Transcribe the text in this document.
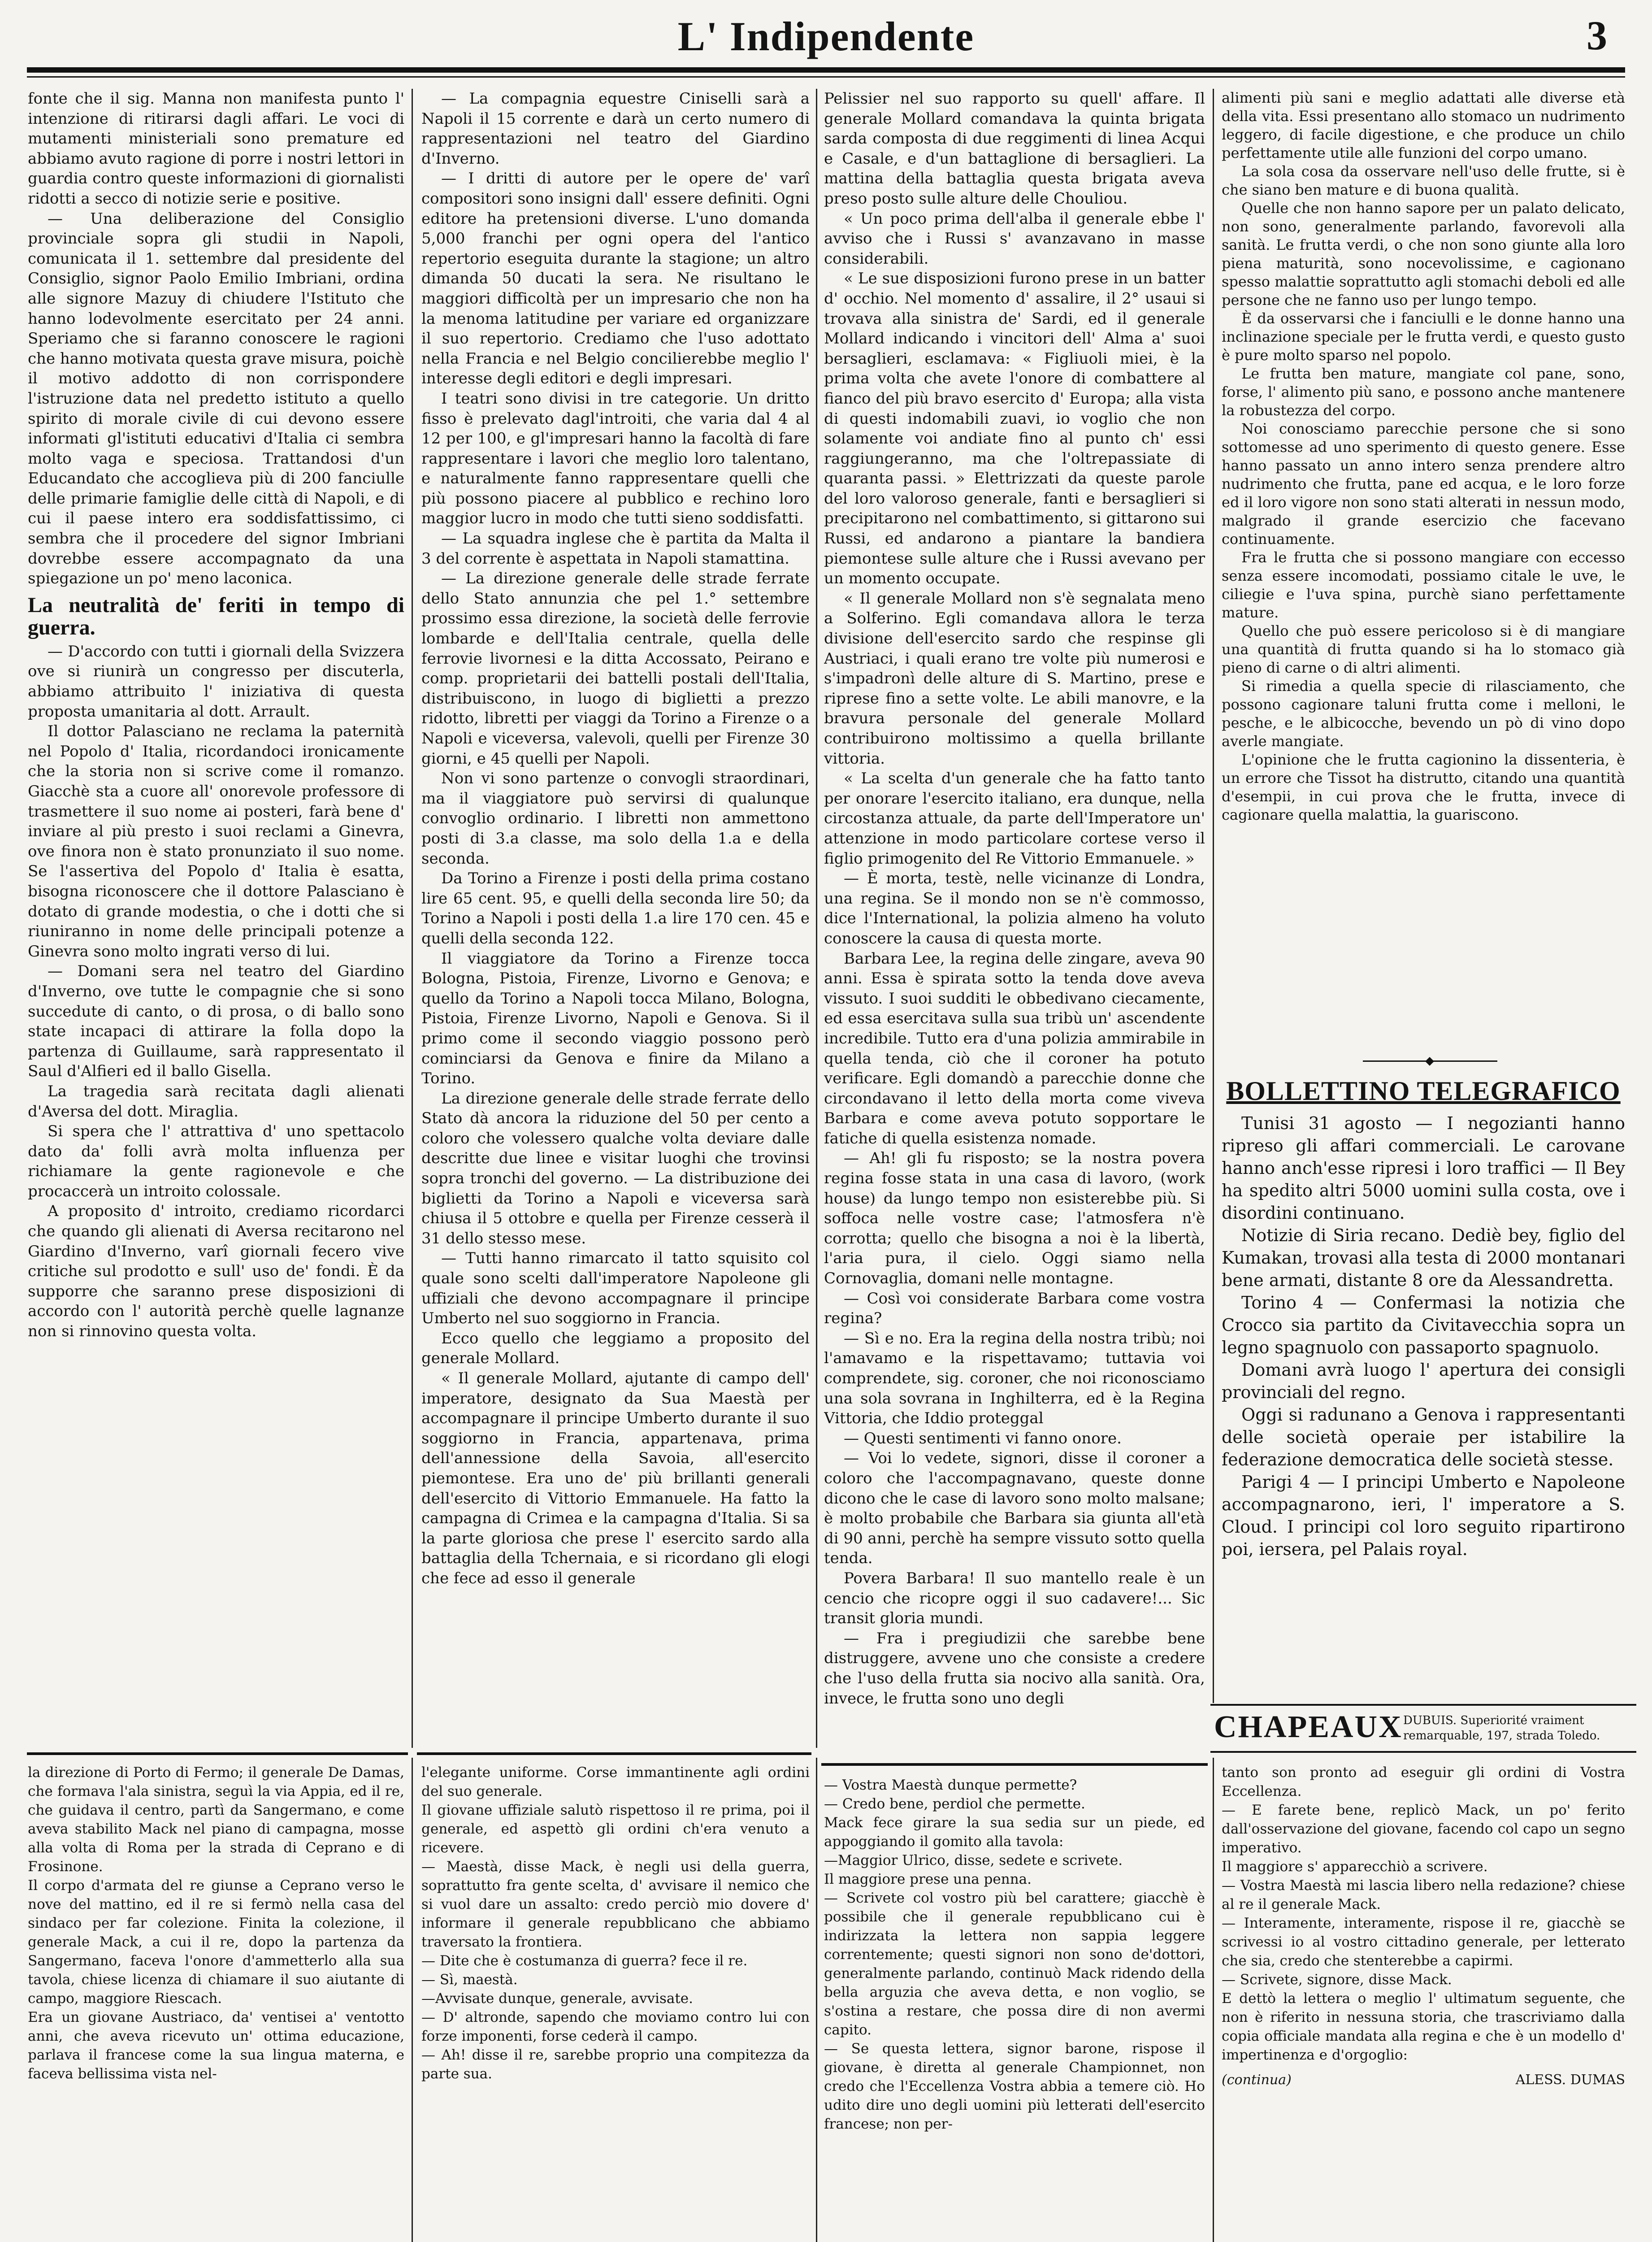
L' Indipendente	3

fonte che il sig. Manna non manifesta punto l' intenzione di ritirarsi dagli affari. Le voci di mutamenti ministeriali sono premature ed abbiamo avuto ragione di porre i nostri lettori in guardia contro queste informazioni di giornalisti ridotti a secco di notizie serie e positive.

— Una deliberazione del Consiglio provinciale sopra gli studii in Napoli, comunicata il 1. settembre dal presidente del Consiglio, signor Paolo Emilio Imbriani, ordina alle signore Mazuy di chiudere l'Istituto che hanno lodevolmente esercitato per 24 anni. Speriamo che si faranno conoscere le ragioni che hanno motivata questa grave misura, poichè il motivo addotto di non corrispondere l'istruzione data nel predetto istituto a quello spirito di morale civile di cui devono essere informati gl'istituti educativi d'Italia ci sembra molto vaga e speciosa. Trattandosi d'un Educandato che accoglieva più di 200 fanciulle delle primarie famiglie delle città di Napoli, e di cui il paese intero era soddisfattissimo, ci sembra che il procedere del signor Imbriani dovrebbe essere accompagnato da una spiegazione un po' meno laconica.

La neutralità de' feriti in tempo di guerra.

— D'accordo con tutti i giornali della Svizzera ove si riunirà un congresso per discuterla, abbiamo attribuito l' iniziativa di questa proposta umanitaria al dott. Arrault.

Il dottor Palasciano ne reclama la paternità nel Popolo d' Italia, ricordandoci ironicamente che la storia non si scrive come il romanzo. Giacchè sta a cuore all' onorevole professore di trasmettere il suo nome ai posteri, farà bene d' inviare al più presto i suoi reclami a Ginevra, ove finora non è stato pronunziato il suo nome. Se l'assertiva del Popolo d' Italia è esatta, bisogna riconoscere che il dottore Palasciano è dotato di grande modestia, o che i dotti che si riuniranno in nome delle principali potenze a Ginevra sono molto ingrati verso di lui.

— Domani sera nel teatro del Giardino d'Inverno, ove tutte le compagnie che si sono succedute di canto, o di prosa, o di ballo sono state incapaci di attirare la folla dopo la partenza di Guillaume, sarà rappresentato il Saul d'Alfieri ed il ballo Gisella.

La tragedia sarà recitata dagli alienati d'Aversa del dott. Miraglia.

Si spera che l' attrattiva d' uno spettacolo dato da' folli avrà molta influenza per richiamare la gente ragionevole e che procaccerà un introito colossale.

A proposito d' introito, crediamo ricordarci che quando gli alienati di Aversa recitarono nel Giardino d'Inverno, varî giornali fecero vive critiche sul prodotto e sull' uso de' fondi. È da supporre che saranno prese disposizioni di accordo con l' autorità perchè quelle lagnanze non si rinnovino questa volta.

— La compagnia equestre Ciniselli sarà a Napoli il 15 corrente e darà un certo numero di rappresentazioni nel teatro del Giardino d'Inverno.

— I dritti di autore per le opere de' varî compositori sono insigni dall' essere definiti. Ogni editore ha pretensioni diverse. L'uno domanda 5,000 franchi per ogni opera del l'antico repertorio eseguita durante la stagione; un altro dimanda 50 ducati la sera. Ne risultano le maggiori difficoltà per un impresario che non ha la menoma latitudine per variare ed organizzare il suo repertorio. Crediamo che l'uso adottato nella Francia e nel Belgio concilierebbe meglio l' interesse degli editori e degli impresari.

I teatri sono divisi in tre categorie. Un dritto fisso è prelevato dagl'introiti, che varia dal 4 al 12 per 100, e gl'impresari hanno la facoltà di fare rappresentare i lavori che meglio loro talentano, e naturalmente fanno rappresentare quelli che più possono piacere al pubblico e rechino loro maggior lucro in modo che tutti sieno soddisfatti.

— La squadra inglese che è partita da Malta il 3 del corrente è aspettata in Napoli stamattina.

— La direzione generale delle strade ferrate dello Stato annunzia che pel 1.° settembre prossimo essa direzione, la società delle ferrovie lombarde e dell'Italia centrale, quella delle ferrovie livornesi e la ditta Accossato, Peirano e comp. proprietarii dei battelli postali dell'Italia, distribuiscono, in luogo di biglietti a prezzo ridotto, libretti per viaggi da Torino a Firenze o a Napoli e viceversa, valevoli, quelli per Firenze 30 giorni, e 45 quelli per Napoli.

Non vi sono partenze o convogli straordinari, ma il viaggiatore può servirsi di qualunque convoglio ordinario. I libretti non ammettono posti di 3.a classe, ma solo della 1.a e della seconda.

Da Torino a Firenze i posti della prima costano lire 65 cent. 95, e quelli della seconda lire 50; da Torino a Napoli i posti della 1.a lire 170 cen. 45 e quelli della seconda 122.

Il viaggiatore da Torino a Firenze tocca Bologna, Pistoia, Firenze, Livorno e Genova; e quello da Torino a Napoli tocca Milano, Bologna, Pistoia, Firenze Livorno, Napoli e Genova. Si il primo come il secondo viaggio possono però cominciarsi da Genova e finire da Milano a Torino.

La direzione generale delle strade ferrate dello Stato dà ancora la riduzione del 50 per cento a coloro che volessero qualche volta deviare dalle descritte due linee e visitar luoghi che trovinsi sopra tronchi del governo. — La distribuzione dei biglietti da Torino a Napoli e viceversa sarà chiusa il 5 ottobre e quella per Firenze cesserà il 31 dello stesso mese.

— Tutti hanno rimarcato il tatto squisito col quale sono scelti dall'imperatore Napoleone gli uffiziali che devono accompagnare il principe Umberto nel suo soggiorno in Francia.

Ecco quello che leggiamo a proposito del generale Mollard.

« Il generale Mollard, ajutante di campo dell' imperatore, designato da Sua Maestà per accompagnare il principe Umberto durante il suo soggiorno in Francia, appartenava, prima dell'annessione della Savoia, all'esercito piemontese. Era uno de' più brillanti generali dell'esercito di Vittorio Emmanuele. Ha fatto la campagna di Crimea e la campagna d'Italia. Si sa la parte gloriosa che prese l' esercito sardo alla battaglia della Tchernaia, e si ricordano gli elogi che fece ad esso il generale

Pelissier nel suo rapporto su quell' affare. Il generale Mollard comandava la quinta brigata sarda composta di due reggimenti di linea Acqui e Casale, e d'un battaglione di bersaglieri. La mattina della battaglia questa brigata aveva preso posto sulle alture delle Chouliou.

« Un poco prima dell'alba il generale ebbe l' avviso che i Russi s' avanzavano in masse considerabili.

« Le sue disposizioni furono prese in un batter d' occhio. Nel momento d' assalire, il 2° usaui si trovava alla sinistra de' Sardi, ed il generale Mollard indicando i vincitori dell' Alma a' suoi bersaglieri, esclamava: « Figliuoli miei, è la prima volta che avete l'onore di combattere al fianco del più bravo esercito d' Europa; alla vista di questi indomabili zuavi, io voglio che non solamente voi andiate fino al punto ch' essi raggiungeranno, ma che l'oltrepassiate di quaranta passi. » Elettrizzati da queste parole del loro valoroso generale, fanti e bersaglieri si precipitarono nel combattimento, si gittarono sui Russi, ed andarono a piantare la bandiera piemontese sulle alture che i Russi avevano per un momento occupate.

« Il generale Mollard non s'è segnalata meno a Solferino. Egli comandava allora le terza divisione dell'esercito sardo che respinse gli Austriaci, i quali erano tre volte più numerosi e s'impadronì delle alture di S. Martino, prese e riprese fino a sette volte. Le abili manovre, e la bravura personale del generale Mollard contribuirono moltissimo a quella brillante vittoria.

« La scelta d'un generale che ha fatto tanto per onorare l'esercito italiano, era dunque, nella circostanza attuale, da parte dell'Imperatore un' attenzione in modo particolare cortese verso il figlio primogenito del Re Vittorio Emmanuele. »

— È morta, testè, nelle vicinanze di Londra, una regina. Se il mondo non se n'è commosso, dice l'International, la polizia almeno ha voluto conoscere la causa di questa morte.

Barbara Lee, la regina delle zingare, aveva 90 anni. Essa è spirata sotto la tenda dove aveva vissuto. I suoi sudditi le obbedivano ciecamente, ed essa esercitava sulla sua tribù un' ascendente incredibile. Tutto era d'una polizia ammirabile in quella tenda, ciò che il coroner ha potuto verificare. Egli domandò a parecchie donne che circondavano il letto della morta come viveva Barbara e come aveva potuto sopportare le fatiche di quella esistenza nomade.

— Ah! gli fu risposto; se la nostra povera regina fosse stata in una casa di lavoro, (work house) da lungo tempo non esisterebbe più. Si soffoca nelle vostre case; l'atmosfera n'è corrotta; quello che bisogna a noi è la libertà, l'aria pura, il cielo. Oggi siamo nella Cornovaglia, domani nelle montagne.

— Così voi considerate Barbara come vostra regina?

— Sì e no. Era la regina della nostra tribù; noi l'amavamo e la rispettavamo; tuttavia voi comprendete, sig. coroner, che noi riconosciamo una sola sovrana in Inghilterra, ed è la Regina Vittoria, che Iddio proteggal

— Questi sentimenti vi fanno onore.

— Voi lo vedete, signori, disse il coroner a coloro che l'accompagnavano, queste donne dicono che le case di lavoro sono molto malsane; è molto probabile che Barbara sia giunta all'età di 90 anni, perchè ha sempre vissuto sotto quella tenda.

Povera Barbara! Il suo mantello reale è un cencio che ricopre oggi il suo cadavere!... Sic transit gloria mundi.

— Fra i pregiudizii che sarebbe bene distruggere, avvene uno che consiste a credere che l'uso della frutta sia nocivo alla sanità. Ora, invece, le frutta sono uno degli

alimenti più sani e meglio adattati alle diverse età della vita. Essi presentano allo stomaco un nudrimento leggero, di facile digestione, e che produce un chilo perfettamente utile alle funzioni del corpo umano.

La sola cosa da osservare nell'uso delle frutte, si è che siano ben mature e di buona qualità.

Quelle che non hanno sapore per un palato delicato, non sono, generalmente parlando, favorevoli alla sanità. Le frutta verdi, o che non sono giunte alla loro piena maturità, sono nocevolissime, e cagionano spesso malattie soprattutto agli stomachi deboli ed alle persone che ne fanno uso per lungo tempo.

È da osservarsi che i fanciulli e le donne hanno una inclinazione speciale per le frutta verdi, e questo gusto è pure molto sparso nel popolo.

Le frutta ben mature, mangiate col pane, sono, forse, l' alimento più sano, e possono anche mantenere la robustezza del corpo.

Noi conosciamo parecchie persone che si sono sottomesse ad uno sperimento di questo genere. Esse hanno passato un anno intero senza prendere altro nudrimento che frutta, pane ed acqua, e le loro forze ed il loro vigore non sono stati alterati in nessun modo, malgrado il grande esercizio che facevano continuamente.

Fra le frutta che si possono mangiare con eccesso senza essere incomodati, possiamo citale le uve, le ciliegie e l'uva spina, purchè siano perfettamente mature.

Quello che può essere pericoloso si è di mangiare una quantità di frutta quando si ha lo stomaco già pieno di carne o di altri alimenti.

Si rimedia a quella specie di rilasciamento, che possono cagionare taluni frutta come i melloni, le pesche, e le albicocche, bevendo un pò di vino dopo averle mangiate.

L'opinione che le frutta cagionino la dissenteria, è un errore che Tissot ha distrutto, citando una quantità d'esempii, in cui prova che le frutta, invece di cagionare quella malattia, la guariscono.

BOLLETTINO TELEGRAFICO

Tunisi 31 agosto — I negozianti hanno ripreso gli affari commerciali. Le carovane hanno anch'esse ripresi i loro traffici — Il Bey ha spedito altri 5000 uomini sulla costa, ove i disordini continuano.

Notizie di Siria recano. Dediè bey, figlio del Kumakan, trovasi alla testa di 2000 montanari bene armati, distante 8 ore da Alessandretta.

Torino 4 — Confermasi la notizia che Crocco sia partito da Civitavecchia sopra un legno spagnuolo con passaporto spagnuolo.

Domani avrà luogo l' apertura dei consigli provinciali del regno.

Oggi si radunano a Genova i rappresentanti delle società operaie per istabilire la federazione democratica delle società stesse.

Parigi 4 — I principi Umberto e Napoleone accompagnarono, ieri, l' imperatore a S. Cloud. I principi col loro seguito ripartirono poi, iersera, pel Palais royal.

CHAPEAUX DUBUIS. Superiorité vraiment remarquable, 197, strada Toledo.
la direzione di Porto di Fermo; il generale De Damas, che formava l'ala sinistra, seguì la via Appia, ed il re, che guidava il centro, partì da Sangermano, e come aveva stabilito Mack nel piano di campagna, mosse alla volta di Roma per la strada di Ceprano e di Frosinone.
Il corpo d'armata del re giunse a Ceprano verso le nove del mattino, ed il re si fermò nella casa del sindaco per far colezione. Finita la colezione, il generale Mack, a cui il re, dopo la partenza da Sangermano, faceva l'onore d'ammetterlo alla sua tavola, chiese licenza di chiamare il suo aiutante di campo, maggiore Riescach.
Era un giovane Austriaco, da' ventisei a' ventotto anni, che aveva ricevuto un' ottima educazione, parlava il francese come la sua lingua materna, e faceva bellissima vista nel-
l'elegante uniforme. Corse immantinente agli ordini del suo generale.
Il giovane uffiziale salutò rispettoso il re prima, poi il generale, ed aspettò gli ordini ch'era venuto a ricevere.
— Maestà, disse Mack, è negli usi della guerra, soprattutto fra gente scelta, d' avvisare il nemico che si vuol dare un assalto: credo perciò mio dovere d' informare il generale repubblicano che abbiamo traversato la frontiera.
— Dite che è costumanza di guerra? fece il re.
— Sì, maestà.
—Avvisate dunque, generale, avvisate.
— D' altronde, sapendo che moviamo contro lui con forze imponenti, forse cederà il campo.
— Ah! disse il re, sarebbe proprio una compitezza da parte sua.
— Vostra Maestà dunque permette?
— Credo bene, perdiol che permette.
Mack fece girare la sua sedia sur un piede, ed appoggiando il gomito alla tavola:
—Maggior Ulrico, disse, sedete e scrivete.
Il maggiore prese una penna.
— Scrivete col vostro più bel carattere; giacchè è possibile che il generale repubblicano cui è indirizzata la lettera non sappia leggere correntemente; questi signori non sono de'dottori, generalmente parlando, continuò Mack ridendo della bella arguzia che aveva detta, e non voglio, se s'ostina a restare, che possa dire di non avermi capito.
— Se questa lettera, signor barone, rispose il giovane, è diretta al generale Championnet, non credo che l'Eccellenza Vostra abbia a temere ciò. Ho udito dire uno degli uomini più letterati dell'esercito francese; non per-
tanto son pronto ad eseguir gli ordini di Vostra Eccellenza.
— E farete bene, replicò Mack, un po' ferito dall'osservazione del giovane, facendo col capo un segno imperativo.
Il maggiore s' apparecchiò a scrivere.
— Vostra Maestà mi lascia libero nella redazione? chiese al re il generale Mack.
— Interamente, interamente, rispose il re, giacchè se scrivessi io al vostro cittadino generale, per letterato che sia, credo che stenterebbe a capirmi.
— Scrivete, signore, disse Mack.
E dettò la lettera o meglio l' ultimatum seguente, che non è riferito in nessuna storia, che trascriviamo dalla copia officiale mandata alla regina e che è un modello d' impertinenza e d'orgoglio:
(continua)	ALESS. DUMAS
